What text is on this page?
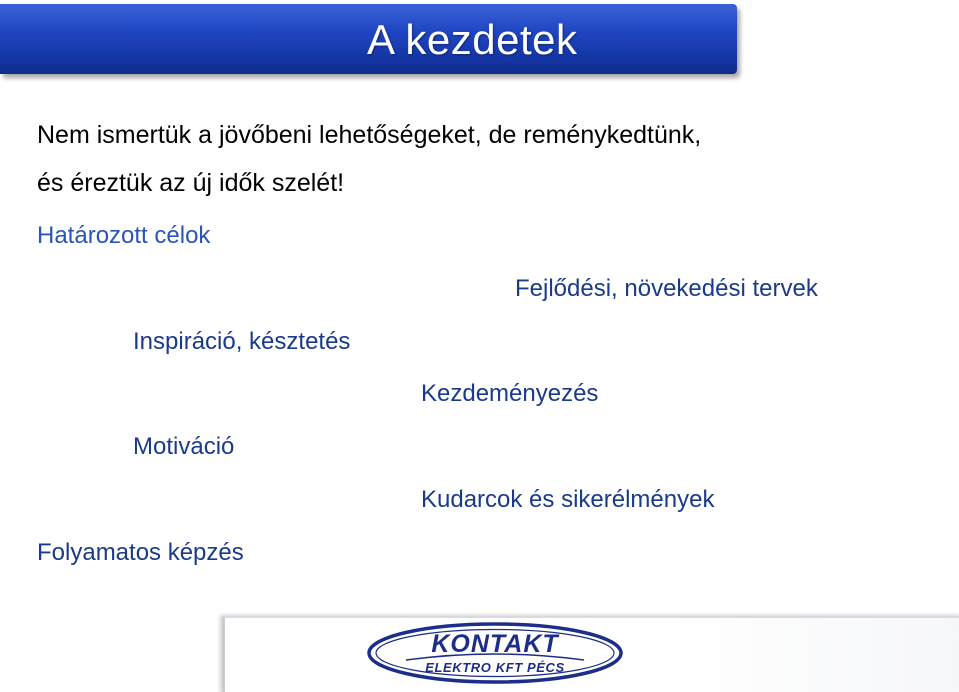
A kezdetek
Nem ismertük a jövőbeni lehetőségeket, de reménykedtünk,
és éreztük az új idők szelét!
Határozott célok
Fejlődési, növekedési tervek
Inspiráció, késztetés
Kezdeményezés
Motiváció
Kudarcok és sikerélmények
Folyamatos képzés
KONTAKT
ELEKTRO KFT PÉCS
